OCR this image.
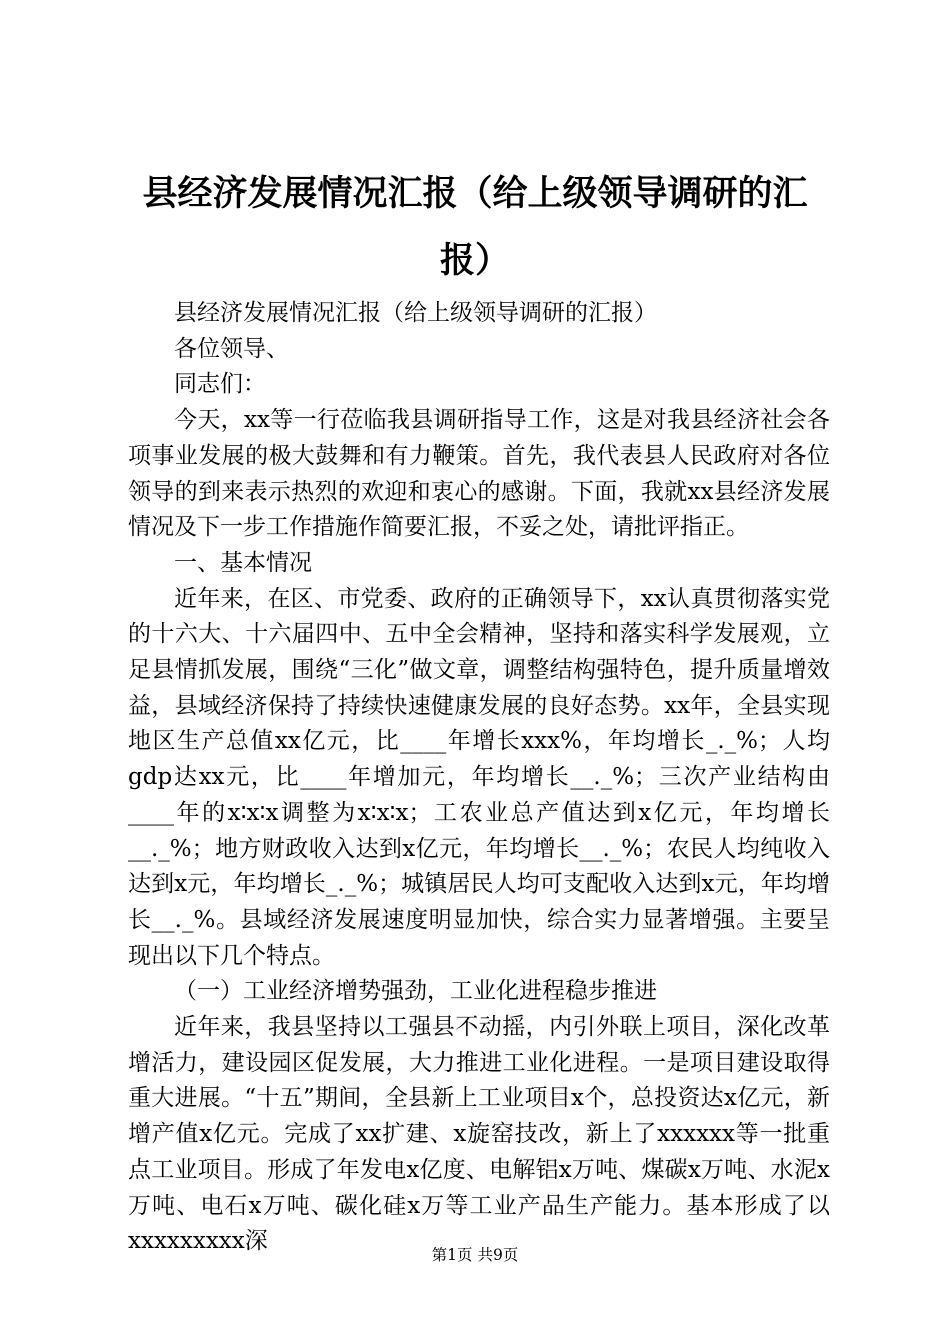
县经济发展情况汇报（给上级领导调研的汇报）

县经济发展情况汇报（给上级领导调研的汇报）

各位领导、

同志们：

今天，xx等一行莅临我县调研指导工作，这是对我县经济社会各项事业发展的极大鼓舞和有力鞭策。首先，我代表县人民政府对各位领导的到来表示热烈的欢迎和衷心的感谢。下面，我就xx县经济发展情况及下一步工作措施作简要汇报，不妥之处，请批评指正。

一、基本情况

近年来，在区、市党委、政府的正确领导下，xx认真贯彻落实党的十六大、十六届四中、五中全会精神，坚持和落实科学发展观，立足县情抓发展，围绕“三化”做文章，调整结构强特色，提升质量增效益，县域经济保持了持续快速健康发展的良好态势。xx年，全县实现地区生产总值xx亿元，比____年增长xxx%，年均增长_._%；人均gdp达xx元，比____年增加元，年均增长__._%；三次产业结构由____年的x∶x∶x调整为x∶x∶x；工农业总产值达到x亿元，年均增长__._%；地方财政收入达到x亿元，年均增长__._%；农民人均纯收入达到x元，年均增长_._%；城镇居民人均可支配收入达到x元，年均增长__._%。县域经济发展速度明显加快，综合实力显著增强。主要呈现出以下几个特点。

（一）工业经济增势强劲，工业化进程稳步推进

近年来，我县坚持以工强县不动摇，内引外联上项目，深化改革增活力，建设园区促发展，大力推进工业化进程。一是项目建设取得重大进展。“十五”期间，全县新上工业项目x个，总投资达x亿元，新增产值x亿元。完成了xx扩建、x旋窑技改，新上了xxxxxx等一批重点工业项目。形成了年发电x亿度、电解铝x万吨、煤碳x万吨、水泥x万吨、电石x万吨、碳化硅x万等工业产品生产能力。基本形成了以xxxxxxxxx深

第1页 共9页
